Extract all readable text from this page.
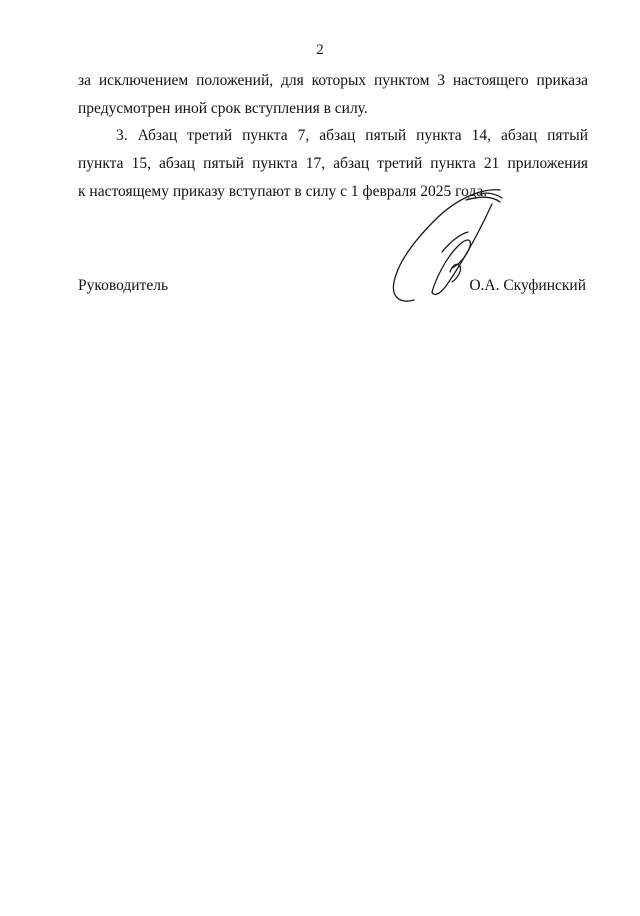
2
за исключением положений, для которых пунктом 3 настоящего приказа
предусмотрен иной срок вступления в силу.
3. Абзац третий пункта 7, абзац пятый пункта 14, абзац пятый
пункта 15, абзац пятый пункта 17, абзац третий пункта 21 приложения
к настоящему приказу вступают в силу с 1 февраля 2025 года.
Руководитель	О.А. Скуфинский
